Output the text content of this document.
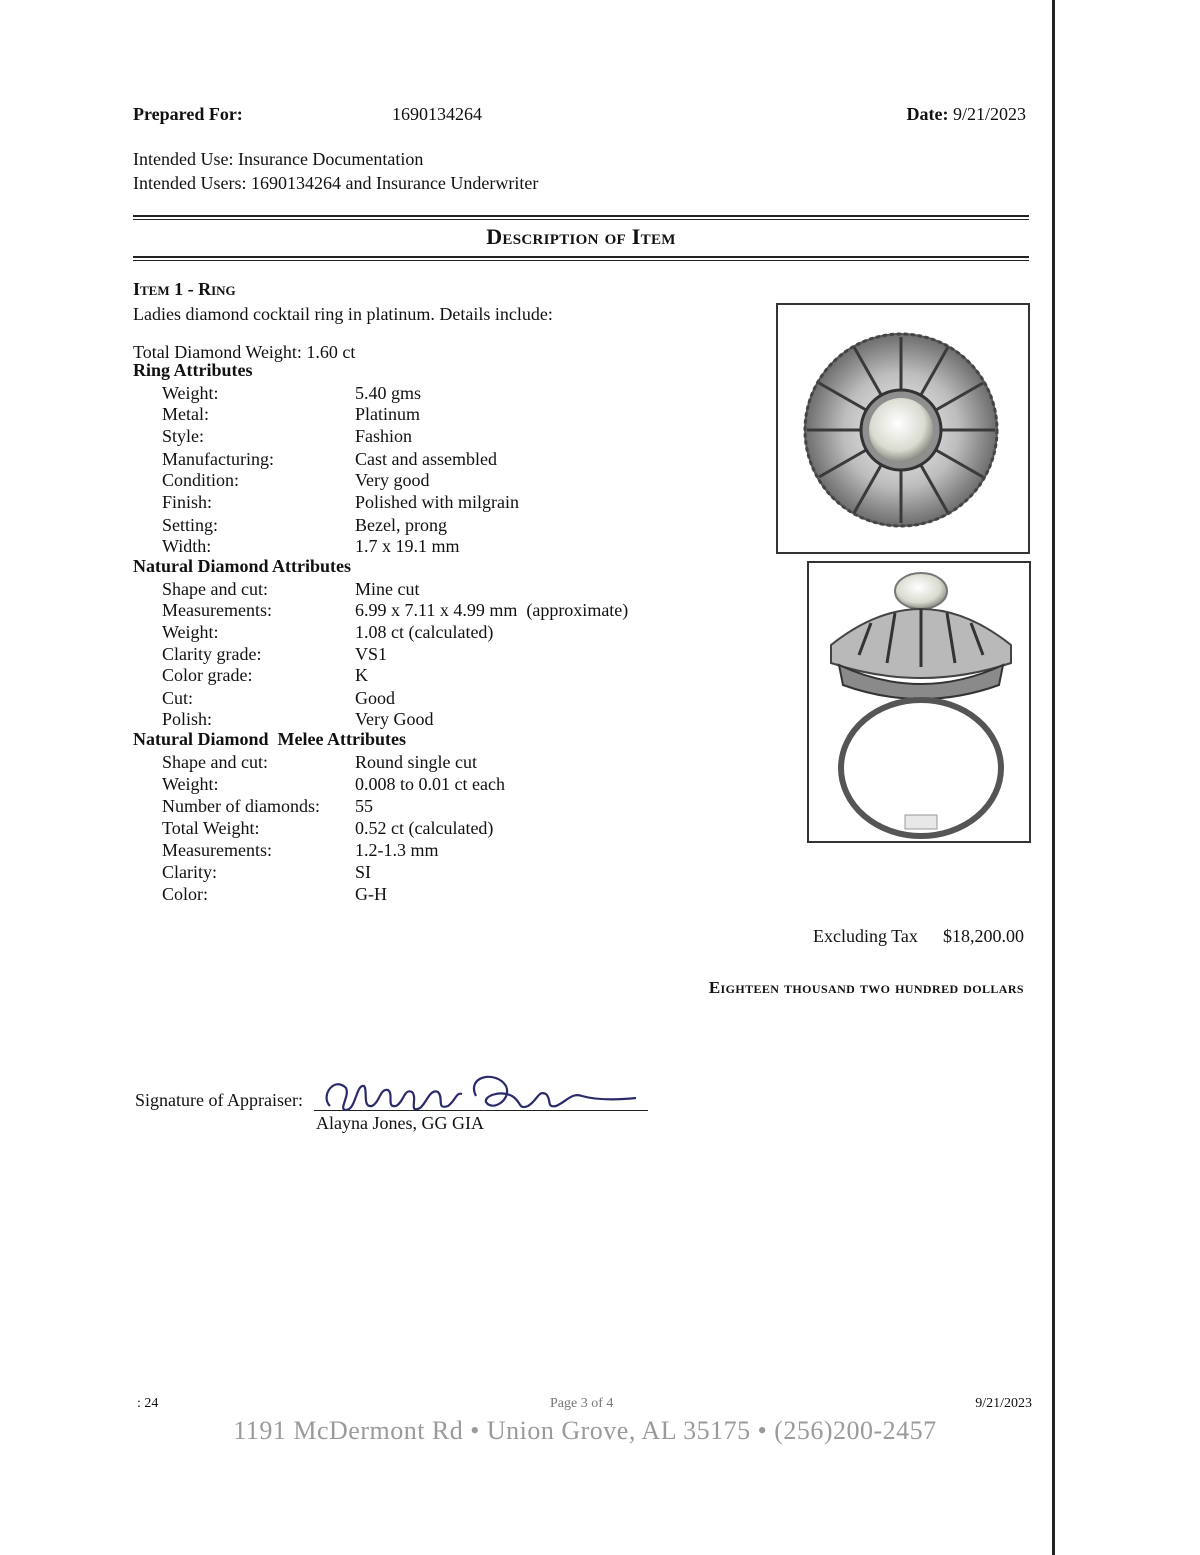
Prepared For:	1690134264	Date: 9/21/2023
Intended Use: Insurance Documentation
Intended Users: 1690134264 and Insurance Underwriter
Description of Item
Item 1 - Ring
Ladies diamond cocktail ring in platinum. Details include:
Total Diamond Weight: 1.60 ct
Ring Attributes
Weight:	5.40 gms
Metal:	Platinum
Style:	Fashion
Manufacturing:	Cast and assembled
Condition:	Very good
Finish:	Polished with milgrain
Setting:	Bezel, prong
Width:	1.7 x 19.1 mm
Natural Diamond Attributes
Shape and cut:	Mine cut
Measurements:	6.99 x 7.11 x 4.99 mm  (approximate)
Weight:	1.08 ct (calculated)
Clarity grade:	VS1
Color grade:	K
Cut:	Good
Polish:	Very Good
Natural Diamond  Melee Attributes
Shape and cut:	Round single cut
Weight:	0.008 to 0.01 ct each
Number of diamonds: 55
Total Weight:	0.52 ct (calculated)
Measurements:	1.2-1.3 mm
Clarity:	SI
Color:	G-H
Excluding Tax $18,200.00
Eighteen thousand two hundred dollars
Signature of Appraiser:
Alayna Jones, GG GIA
: 24	Page 3 of 4	9/21/2023
1191 McDermont Rd • Union Grove, AL 35175 • (256)200-2457
